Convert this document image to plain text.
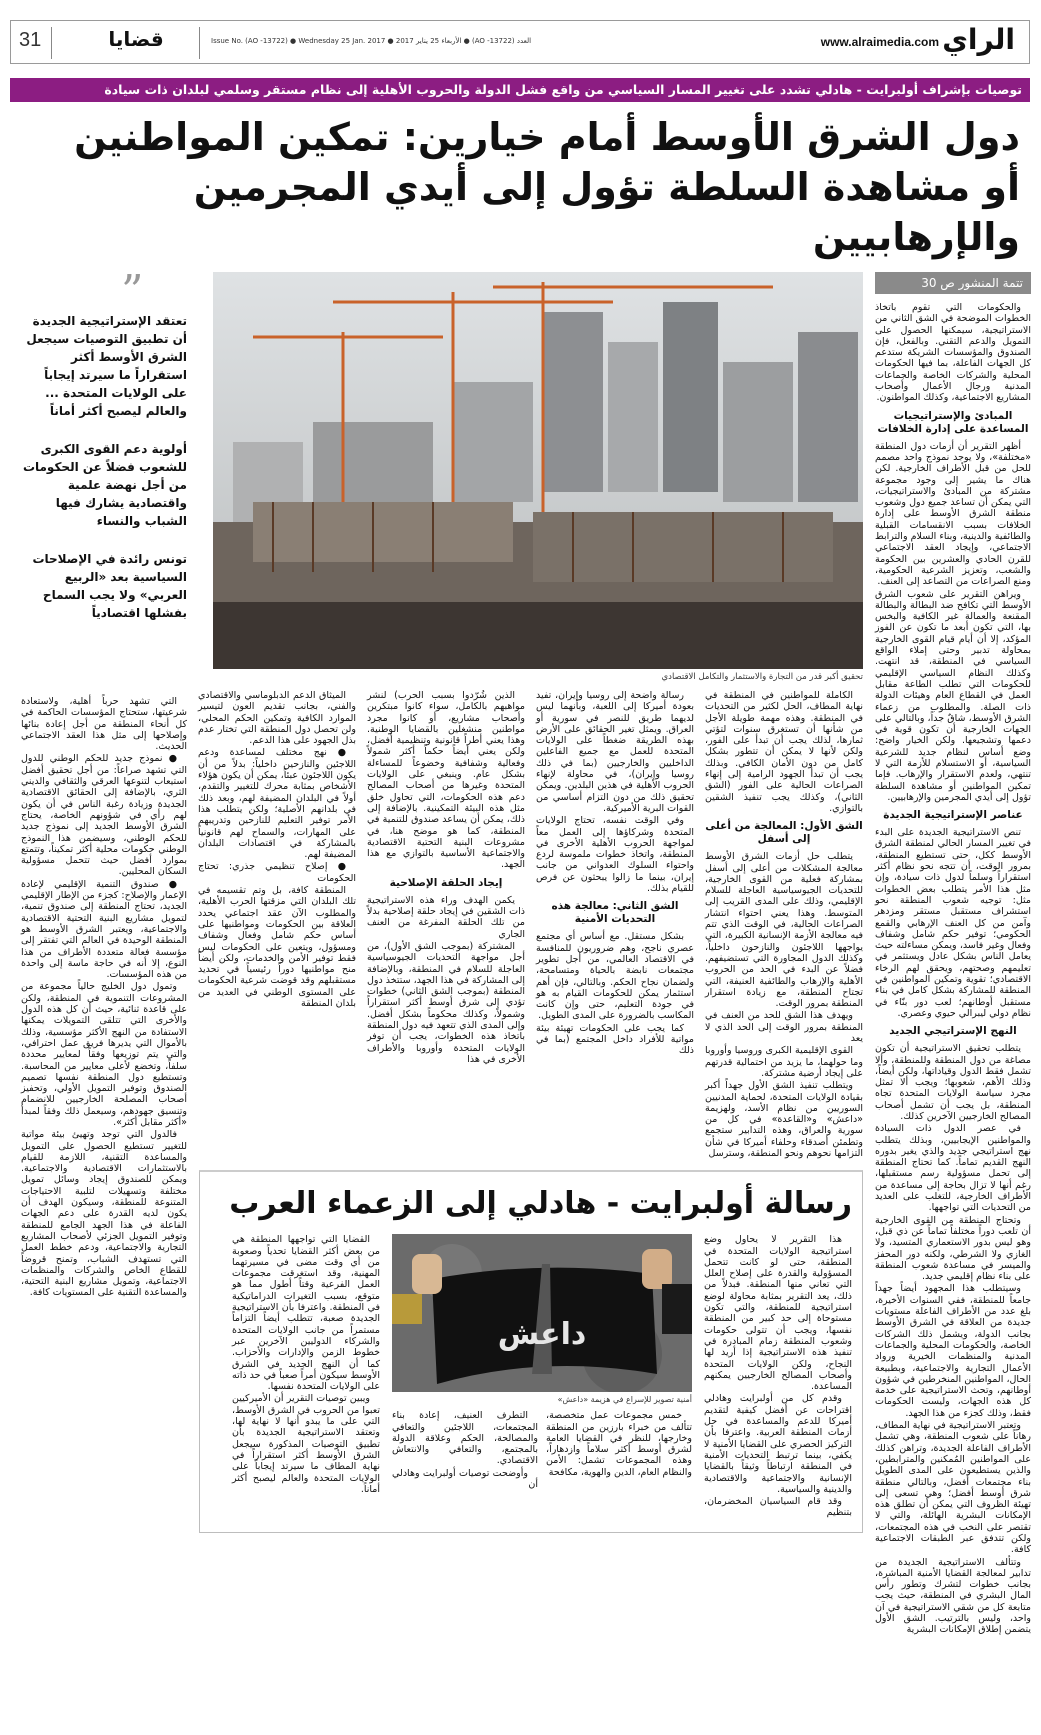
الراي
www.alraimedia.com
العدد (AO -13722) ● الأربعاء 25 يناير 2017 ● Issue No. (AO -13722) ● Wednesday 25 Jan. 2017
قضايا
31
توصيات بإشراف أولبرايت - هادلي تشدد على تغيير المسار السياسي من واقع فشل الدولة والحروب الأهلية إلى نظام مستقر وسلمي لبلدان ذات سيادة
دول الشرق الأوسط أمام خيارين: تمكين المواطنين
أو مشاهدة السلطة تؤول إلى أيدي المجرمين والإرهابيين
تتمة المنشور ص 30

والحكومات التي تقوم باتخاذ الخطوات الموضحة في الشق الثاني من الاستراتيجية، سيمكنها الحصول على التمويل والدعم التقني. وبالفعل، فإن الصندوق والمؤسسات الشريكة ستدعم كل الجهات الفاعلة، بما فيها الحكومات المحلية والشركات الخاصة والجماعات المدنية ورجال الأعمال وأصحاب المشاريع الاجتماعية، وكذلك المواطنون.

المبادئ والإستراتيجيات المساعدة على إدارة الخلافات

أظهر التقرير أن أزمات دول المنطقة «مختلفة»، ولا يوجد نموذج واحد مصمم للحل من قبل الأطراف الخارجية. لكن هناك ما يشير إلى وجود مجموعة مشتركة من المبادئ والاستراتيجيات، التي يمكن أن تساعد جميع دول وشعوب منطقة الشرق الأوسط على إدارة الخلافات بسبب الانقسامات القبلية والطائفية والدينية، وبناء السلام والترابط الاجتماعي، وإيجاد العقد الاجتماعي للقرن الحادي والعشرين بين الحكومة والشعب، وتعزيز الشرعية الحكومية، ومنع الصراعات من التصاعد إلى العنف.

ويراهن التقرير على شعوب الشرق الأوسط التي تكافح ضد البطالة والبطالة المقنعة والعمالة غير الكافية والبخس بها، التي تكون أبعد ما تكون عن الفوز المؤكد، إلا أن أيام قيام القوى الخارجية بمحاولة تدبير وحتى إملاء الواقع السياسي في المنطقة، قد انتهت. وكذلك النظام السياسي الإقليمي للحكومات التي تطلب الطاعة مقابل العمل في القطاع العام وهيئات الدولة ذات الصلة. والمطلوب من زعماء الشرق الأوسط، شاقٌ جداً، وبالتالي على الجهات الخارجية أن تكون قوية في دعمها وتشجيعها. ولكن الخيار واضح: وضع أساس لنظام جديد للشرعية السياسية، أو الاستسلام للأزمة التي لا تنتهي، ولعدم الاستقرار والإرهاب. فإما تمكين المواطنين أو مشاهدة السلطة تؤول إلى أيدي المجرمين والإرهابيين.

عناصر الإستراتيجية الجديدة

تنص الاستراتيجية الجديدة على البدء في تغيير المسار الحالي لمنطقة الشرق الأوسط ككل، حتى تستطيع المنطقة، بمرور الوقت، أن تتجه نحو نظام أكثر استقراراً وسلماً لدول ذات سيادة، وإن مثل هذا الأمر يتطلب بعض الخطوات مثل: توجيه شعوب المنطقة نحو استشراف مستقبل مستقر ومزدهر وآمن من كل العنف الإرهابي والقمع الحكومي؛ توفير حكم شامل وشفاف وفعال وغير فاسد، ويمكن مساءلته حيث يعامل الناس بشكل عادل ويستثمر في تعليمهم وصحتهم، ويحقق لهم الرخاء الاقتصادي؛ تقوية وتمكين المواطنين في المنطقة للمشاركة بشكل كامل في بناء مستقبل أوطانهم؛ لعب دور بنّاء في نظام دولي ليبرالي حيوي وعصري.

النهج الإستراتيجي الجديد

يتطلب تحقيق الاستراتيجية أن تكون مصاغة من دول المنطقة وللمنطقة، وألا تشمل فقط الدول وقياداتها، ولكن أيضاً، وذلك الأهم، شعوبها؛ ويجب ألا تمثل مجرد سياسة الولايات المتحدة تجاه المنطقة، بل يجب أن تشمل أصحاب المصالح الخارجيين الآخرين كذلك.

في عصر الدول ذات السيادة والمواطنين الإيجابيين، وبذلك يتطلب نهج استراتيجي جديد والذي يغير بدوره النهج القديم تماماً. كما تحتاج المنطقة إلى تحمل مسؤولية رسم مستقبلها، رغم أنها لا تزال بحاجة إلى مساعدة من الأطراف الخارجية، للتغلب على العديد من التحديات التي تواجهها.

وتحتاج المنطقة من القوى الخارجية أن تلعب دوراً مختلفاً تماماً عن ذي قبل، وهو ليس بدور الاستعماري المتسيد، ولا الغازي ولا الشرطي، ولكنه دور المحفز والميسر في مساعدة شعوب المنطقة على بناء نظام إقليمي جديد.

وسيتطلب هذا المجهود أيضاً جهداً جامعاً للمنطقة، ففي السنوات الأخيرة، بلغ عدد من الأطراف الفاعلة مستويات جديدة من العلاقة في الشرق الأوسط بجانب الدولة، ويشمل ذلك الشركات الخاصة، والحكومات المحلية والجماعات المدنية والمنظمات الخيرية ورواد الأعمال التجارية والاجتماعية، وبطبيعة الحال، المواطنين المنخرطين في شؤون أوطانهم، وتحث الاستراتيجية على خدمة كل هذه الجهات، وليست الحكومات فقط، وذلك كجزء من هذا الجهد.

وتعتبر الاستراتيجية في نهاية المطاف، رهاناً على شعوب المنطقة، وهي تشمل الأطراف الفاعلة الجديدة، وتراهن كذلك على المواطنين المُمكنين والمترابطين، والذين يستطيعون على المدى الطويل بناء مجتمعات أفضل، وبالتالي منطقة شرق أوسط أفضل؛ وهي تسعى إلى تهيئة الظروف التي يمكن أن تطلق هذه الإمكانات البشرية الهائلة، والتي لا تقتصر على النخب في هذه المجتمعات، ولكن تتدفق عبر الطبقات الاجتماعية كافة.

وتتألف الاستراتيجية الجديدة من تدابير لمعالجة القضايا الأمنية المباشرة، بجانب خطوات لتشرك وتطور رأس المال البشري في المنطقة، حيث يجب متابعة كل من شقي الاستراتيجية في آن واحد، وليس بالترتيب. الشق الأول يتضمن إطلاق الإمكانات البشرية

تحقيق أكبر قدر من التجارة والاستثمار والتكامل الاقتصادي

الكاملة للمواطنين في المنطقة في نهاية المطاف، الحل لكثير من التحديات في المنطقة. وهذه مهمة طويلة الأجل من شأنها أن تستغرق سنوات لتؤتي ثمارها، لذلك يجب أن تبدأ على الفور، ولكن لأنها لا يمكن أن تتطور بشكل كامل من دون الأمان الكافي. وبذلك يجب أن تبدأ الجهود الرامية إلى إنهاء الصراعات الحالية على الفور (الشق الثاني)، وكذلك يجب تنفيذ الشقين بالتوازي.

الشق الأول: المعالجة من أعلى إلى أسفل

يتطلب حل أزمات الشرق الأوسط معالجة المشكلات من أعلى إلى أسفل بمشاركة فعلية من القوى الخارجية، للتحديات الجيوسياسية العاجلة للسلام الإقليمي، وذلك على المدى القريب إلى المتوسط. وهذا يعني احتواء انتشار الصراعات الحالية، في الوقت الذي تتم فيه معالجة الأزمة الإنسانية الكبيرة، التي يواجهها اللاجئون والنازحون داخلياً، وكذلك الدول المجاورة التي تستضيفهم. فضلاً عن البدء في الحد من الحروب الأهلية والإرهاب والطائفية العنيفة، التي تجتاح المنطقة، مع زيادة استقرار المنطقة بمرور الوقت.

ويهدف هذا الشق للحد من العنف في المنطقة بمرور الوقت إلى الحد الذي لا يعد

القوى الإقليمية الكبرى وروسيا وأوروبا وما حولهما، ما يزيد من احتمالية قدرتهم على إيجاد أرضية مشتركة.

ويتطلب تنفيذ الشق الأول جهداً أكبر بقيادة الولايات المتحدة، لحماية المدنيين السوريين من نظام الأسد، ولهزيمة «داعش» و«القاعدة» في كل من سورية والعراق، وهذه التدابير ستجمع وتطمئن أصدقاء وحلفاء أميركا في شأن التزامها نحوهم ونحو المنطقة، وسترسل

رسالة واضحة إلى روسيا وإيران، تفيد بعودة أميركا إلى اللعبة، وبأنهما ليس لديهما طريق للنصر في سورية أو العراق. ويمثل تغير الحقائق على الأرض بهذه الطريقة ضغطاً على الولايات المتحدة للعمل مع جميع الفاعلين الداخليين والخارجيين (بما في ذلك روسيا وإيران)، في محاولة لإنهاء الحروب الأهلية في هذين البلدين. ويمكن تحقيق ذلك من دون التزام أساسي من القوات البرية الأميركية.

وفي الوقت نفسه، تحتاج الولايات المتحدة وشركاؤها إلى العمل معاً لمواجهة الحروب الأهلية الأخرى في المنطقة، واتخاذ خطوات ملموسة لردع واحتواء السلوك العدواني من جانب إيران، بينما ما زالوا يبحثون عن فرص للقيام بذلك.

الشق الثاني: معالجة هذه التحديات الأمنية

بشكل مستقل. مع أساس أي مجتمع عصري ناجح، وهم ضروريون للمنافسة في الاقتصاد العالمي، من أجل تطوير مجتمعات نابضة بالحياة ومتسامحة، ولضمان نجاح الحكم. وبالتالي، فإن أهم استثمار يمكن للحكومات القيام به هو في جودة التعليم، حتى وإن كانت المكاسب بالضرورة على المدى الطويل.

كما يجب على الحكومات تهيئة بيئة مواتية للأفراد داخل المجتمع (بما في ذلك

الذين شُرّدوا بسبب الحرب) لنشر مواهبهم بالكامل، سواء كانوا مبتكرين وأصحاب مشاريع، أو كانوا مجرد مواطنين منشغلين بالقضايا الوطنية. وهذا يعني أطراً قانونية وتنظيمية أفضل، ولكن يعني أيضاً حكماً أكثر شمولاً وفعالية وشفافية وخضوعاً للمساءلة بشكل عام. وينبغي على الولايات المتحدة وغيرها من أصحاب المصالح دعم هذه الحكومات، التي تحاول خلق مثل هذه البيئة التمكينية. بالإضافة إلى ذلك، يمكن أن يساعد صندوق للتنمية في المنطقة، كما هو موضح هنا، في مشروعات البنية التحتية الاقتصادية والاجتماعية الأساسية بالتوازي مع هذا الجهد.

إيجاد الحلقة الإصلاحية

يكمن الهدف وراء هذه الاستراتيجية ذات الشقين في إيجاد حلقة إصلاحية بدلاً من تلك الحلقة المفرغة من العنف الجاري

المشتركة (بموجب الشق الأول)، من أجل مواجهة التحديات الجيوسياسية العاجلة للسلام في المنطقة، وبالإضافة إلى المشاركة في هذا الجهد، ستتخذ دول المنطقة (بموجب الشق الثاني) خطوات تؤدي إلى شرق أوسط أكثر استقراراً وشمولاً، وكذلك محكوماً بشكل أفضل. وإلى المدى الذي تتعهد فيه دول المنطقة باتخاذ هذه الخطوات، يجب أن توفر الولايات المتحدة وأوروبا والأطراف الأخرى في هذا

الميثاق الدعم الدبلوماسي والاقتصادي والفني، بجانب تقديم العون لتيسير الموارد الكافية وتمكين الحكم المحلي، ولن تحصل دول المنطقة التي تختار عدم بذل الجهود على هذا الدعم.

● نهج مختلف لمساعدة ودعم اللاجئين والنازحين داخلياً: بدلاً من أن يكون اللاجئون عبئاً، يمكن أن يكون هؤلاء الأشخاص بمثابة محرك للتغيير والتقدم، أولاً في البلدان المضيفة لهم، وبعد ذلك في بلدانهم الأصلية؛ ولكن يتطلب هذا الأمر توفير التعليم للنازحين وتدريبهم على المهارات، والسماح لهم قانونياً بالمشاركة في اقتصادات البلدان المضيفة لهم.

● إصلاح تنظيمي جذري: تحتاج الحكومات

المنطقة كافة، بل وتم تقسيمه في تلك البلدان التي مزقتها الحرب الأهلية، والمطلوب الآن عقد اجتماعي يحدد العلاقة بين الحكومات ومواطنيها على أساس حكم شامل وفعال وشفاف ومسؤول، ويتعين على الحكومات ليس فقط توفير الأمن والخدمات، ولكن أيضاً منح مواطنيها دوراً رئيسياً في تحديد مستقبلهم وقد قوضت شرعية الحكومات على المستوى الوطني في العديد من بلدان المنطقة

رسالة أولبرايت - هادلي إلى الزعماء العرب

هذا التقرير لا يحاول وضع استراتيجية الولايات المتحدة في المنطقة، حتى لو كانت تتحمل المسؤولية والقدرة على إصلاح العلل التي تعاني منها المنطقة. فبدلاً من ذلك، يعد التقرير بمثابة محاولة لوضع استراتيجية للمنطقة، والتي تكون مستوحاة إلى حد كبير من المنطقة نفسها، ويجب أن تتولى حكومات وشعوب المنطقة زمام المبادرة في تنفيذ هذه الاستراتيجية إذا أريد لها النجاح، ولكن الولايات المتحدة وأصحاب المصالح الخارجيين يمكنهم المساعدة.

وقدم كل من أولبرايت وهادلي اقتراحات عن أفضل كيفية لتقديم أميركا للدعم والمساعدة في حل أزمات المنطقة العربية. واعترفا بأن التركيز الحصري على القضايا الأمنية لا يكفي، بينما ترتبط التحديات الأمنية في المنطقة ارتباطاً وثيقاً بالقضايا الإنسانية والاجتماعية والاقتصادية والدينية والسياسية.

وقد قام السياسيان المخضرمان، بتنظيم

داعش
أمنية تصوير للإسراع في هزيمة «داعش»

خمس مجموعات عمل متخصصة، تتألف من خبراء بارزين من المنطقة وخارجها، للنظر في القضايا العامة لشرق أوسط أكثر سلاماً وازدهاراً، وهذه المجموعات تشمل: الأمن والنظام العام، الدين والهوية، مكافحة

التطرف العنيف، إعادة بناء المجتمعات، اللاجئين والتعافي والمصالحة، الحكم وعلاقة الدولة بالمجتمع، والتعافي والانتعاش الاقتصادي.

وأوضحت توصيات أولبرايت وهادلي أن

القضايا التي تواجهها المنطقة هي من بعض أكثر القضايا تحدياً وصعوبة من أي وقت مضى في مسيرتهما المهنية، وقد استغرقت مجموعات العمل الفرعية وقتاً أطول مما هو متوقع، بسبب التغيرات الدراماتيكية في المنطقة. واعترفا بأن الاستراتيجية الجديدة صعبة، تتطلب أيضاً التزاماً مستمراً من جانب الولايات المتحدة والشركاء الدوليين الآخرين عبر خطوط الزمن والإدارات والأحزاب. كما أن النهج الجديد في الشرق الأوسط سيكون أمراً صعباً في حد ذاته على الولايات المتحدة نفسها.

ويبين توصيات التقرير أن الأميركيين تعبوا من الحروب في الشرق الأوسط، التي على ما يبدو أنها لا نهاية لها، وتعتقد الاستراتيجية الجديدة بأن تطبيق التوصيات المذكورة سيجعل الشرق الأوسط أكثر استقراراً في نهاية المطاف ما سيرتد إيجاباً على الولايات المتحدة والعالم ليصبح أكثر أماناً.

”
تعتقد الإستراتيجية الجديدة أن تطبيق التوصيات سيجعل الشرق الأوسط أكثر استقراراً ما سيرتد إيجاباً على الولايات المتحدة ... والعالم ليصبح أكثر أماناً
أولوية دعم القوى الكبرى للشعوب فضلاً عن الحكومات من أجل نهضة علمية واقتصادية يشارك فيها الشباب والنساء
تونس رائدة في الإصلاحات السياسية بعد «الربيع العربي» ولا يجب السماح بفشلها اقتصادياً

التي تشهد حرباً أهلية، ولاستعادة شرعيتها، ستحتاج المؤسسات الحاكمة في كل أنحاء المنطقة من أجل إعادة بنائها وإصلاحها إلى مثل هذا العقد الاجتماعي الحديث.

● نموذج جديد للحكم الوطني للدول التي تشهد صراعاً: من أجل تحقيق أفضل استيعاب لتنوعها العرقي والثقافي والديني الثري، بالإضافة إلى الحقائق الاقتصادية الجديدة وزيادة رغبة الناس في أن يكون لهم رأي في شؤونهم الخاصة، يحتاج الشرق الأوسط الجديد إلى نموذج جديد للحكم الوطني، وسيضمن هذا النموذج الوطني حكومات محلية أكثر تمكيناً، وتتمتع بموارد أفضل حيث تتحمل مسؤولية السكان المحليين.

● صندوق التنمية الإقليمي لإعادة الإعمار والإصلاح: كجزء من الإطار الإقليمي الجديد، تحتاج المنطقة إلى صندوق تنمية، لتمويل مشاريع البنية التحتية الاقتصادية والاجتماعية، ويعتبر الشرق الأوسط هو المنطقة الوحيدة في العالم التي تفتقر إلى مؤسسة فعالة متعددة الأطراف من هذا النوع، إلا أنه في حاجة ماسة إلى واحدة من هذه المؤسسات.

وتمول دول الخليج حالياً مجموعة من المشروعات التنموية في المنطقة، ولكن على قاعدة ثنائية، حيث أن كل هذه الدول والأخرى التي تتلقى التمويلات يمكنها الاستفادة من النهج الأكثر مؤسسية، وذلك بالأموال التي يديرها فريق عمل احترافي، والتي يتم توزيعها وفقاً لمعايير محددة سلفاً، وتخضع لأعلى معايير من المحاسبة. وتستطيع دول المنطقة نفسها تصميم الصندوق وتوفير التمويل الأولي، وتحفيز أصحاب المصلحة الخارجيين للانضمام وتنسيق جهودهم، وسيعمل ذلك وفقاً لمبدأ «أكثر مقابل أكثر».

فالدول التي توجد وتهيئ بيئة مواتية للتغيير تستطيع الحصول على التمويل والمساعدة التقنية، اللازمة للقيام بالاستثمارات الاقتصادية والاجتماعية. ويمكن للصندوق إيجاد وسائل تمويل مختلفة وتسهيلات لتلبية الاحتياجات المتنوعة للمنطقة، وسيكون الهدف أن يكون لديه القدرة على دعم الجهات الفاعلة في هذا الجهد الجامع للمنطقة وتوفير التمويل الجزئي لأصحاب المشاريع التجارية والاجتماعية، ودعم خطط العمل التي تستهدف الشباب، وتمنح قروضاً للقطاع الخاص والشركات والمنظمات الاجتماعية، وتمويل مشاريع البنية التحتية، والمساعدة التقنية على المستويات كافة.
